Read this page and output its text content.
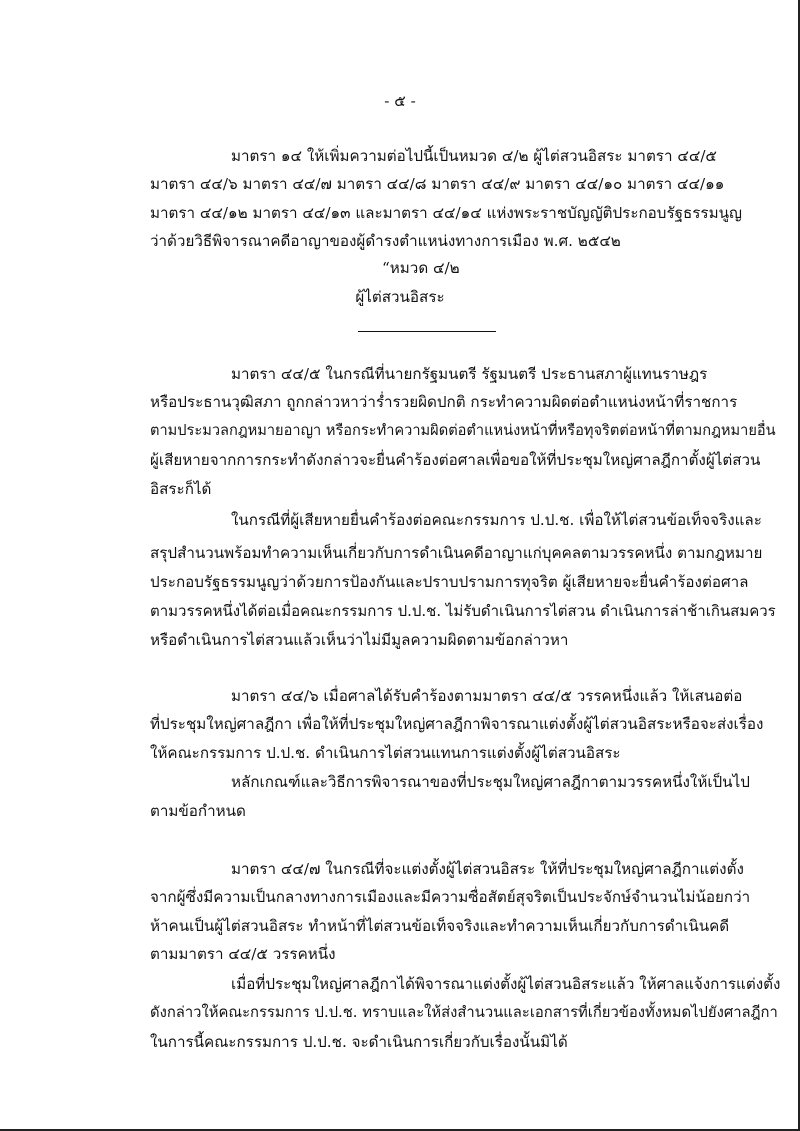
- ๕ -
มาตรา ๑๔ ให้เพิ่มความต่อไปนี้เป็นหมวด ๔/๒ ผู้ไต่สวนอิสระ มาตรา ๔๔/๕
มาตรา ๔๔/๖ มาตรา ๔๔/๗ มาตรา ๔๔/๘ มาตรา ๔๔/๙ มาตรา ๔๔/๑๐ มาตรา ๔๔/๑๑
มาตรา ๔๔/๑๒ มาตรา ๔๔/๑๓ และมาตรา ๔๔/๑๔ แห่งพระราชบัญญัติประกอบรัฐธรรมนูญ
ว่าด้วยวิธีพิจารณาคดีอาญาของผู้ดำรงตำแหน่งทางการเมือง พ.ศ. ๒๕๔๒
“หมวด ๔/๒
ผู้ไต่สวนอิสระ
มาตรา ๔๔/๕ ในกรณีที่นายกรัฐมนตรี รัฐมนตรี ประธานสภาผู้แทนราษฎร
หรือประธานวุฒิสภา ถูกกล่าวหาว่าร่ำรวยผิดปกติ กระทำความผิดต่อตำแหน่งหน้าที่ราชการ
ตามประมวลกฎหมายอาญา หรือกระทำความผิดต่อตำแหน่งหน้าที่หรือทุจริตต่อหน้าที่ตามกฎหมายอื่น
ผู้เสียหายจากการกระทำดังกล่าวจะยื่นคำร้องต่อศาลเพื่อขอให้ที่ประชุมใหญ่ศาลฎีกาตั้งผู้ไต่สวน
อิสระก็ได้
ในกรณีที่ผู้เสียหายยื่นคำร้องต่อคณะกรรมการ ป.ป.ช. เพื่อให้ไต่สวนข้อเท็จจริงและ
สรุปสำนวนพร้อมทำความเห็นเกี่ยวกับการดำเนินคดีอาญาแก่บุคคลตามวรรคหนึ่ง ตามกฎหมาย
ประกอบรัฐธรรมนูญว่าด้วยการป้องกันและปราบปรามการทุจริต ผู้เสียหายจะยื่นคำร้องต่อศาล
ตามวรรคหนึ่งได้ต่อเมื่อคณะกรรมการ ป.ป.ช. ไม่รับดำเนินการไต่สวน ดำเนินการล่าช้าเกินสมควร
หรือดำเนินการไต่สวนแล้วเห็นว่าไม่มีมูลความผิดตามข้อกล่าวหา
มาตรา ๔๔/๖ เมื่อศาลได้รับคำร้องตามมาตรา ๔๔/๕ วรรคหนึ่งแล้ว ให้เสนอต่อ
ที่ประชุมใหญ่ศาลฎีกา เพื่อให้ที่ประชุมใหญ่ศาลฎีกาพิจารณาแต่งตั้งผู้ไต่สวนอิสระหรือจะส่งเรื่อง
ให้คณะกรรมการ ป.ป.ช. ดำเนินการไต่สวนแทนการแต่งตั้งผู้ไต่สวนอิสระ
หลักเกณฑ์และวิธีการพิจารณาของที่ประชุมใหญ่ศาลฎีกาตามวรรคหนึ่งให้เป็นไป
ตามข้อกำหนด
มาตรา ๔๔/๗ ในกรณีที่จะแต่งตั้งผู้ไต่สวนอิสระ ให้ที่ประชุมใหญ่ศาลฎีกาแต่งตั้ง
จากผู้ซึ่งมีความเป็นกลางทางการเมืองและมีความซื่อสัตย์สุจริตเป็นประจักษ์จำนวนไม่น้อยกว่า
ห้าคนเป็นผู้ไต่สวนอิสระ ทำหน้าที่ไต่สวนข้อเท็จจริงและทำความเห็นเกี่ยวกับการดำเนินคดี
ตามมาตรา ๔๔/๕ วรรคหนึ่ง
เมื่อที่ประชุมใหญ่ศาลฎีกาได้พิจารณาแต่งตั้งผู้ไต่สวนอิสระแล้ว ให้ศาลแจ้งการแต่งตั้ง
ดังกล่าวให้คณะกรรมการ ป.ป.ช. ทราบและให้ส่งสำนวนและเอกสารที่เกี่ยวข้องทั้งหมดไปยังศาลฎีกา
ในการนี้คณะกรรมการ ป.ป.ช. จะดำเนินการเกี่ยวกับเรื่องนั้นมิได้
